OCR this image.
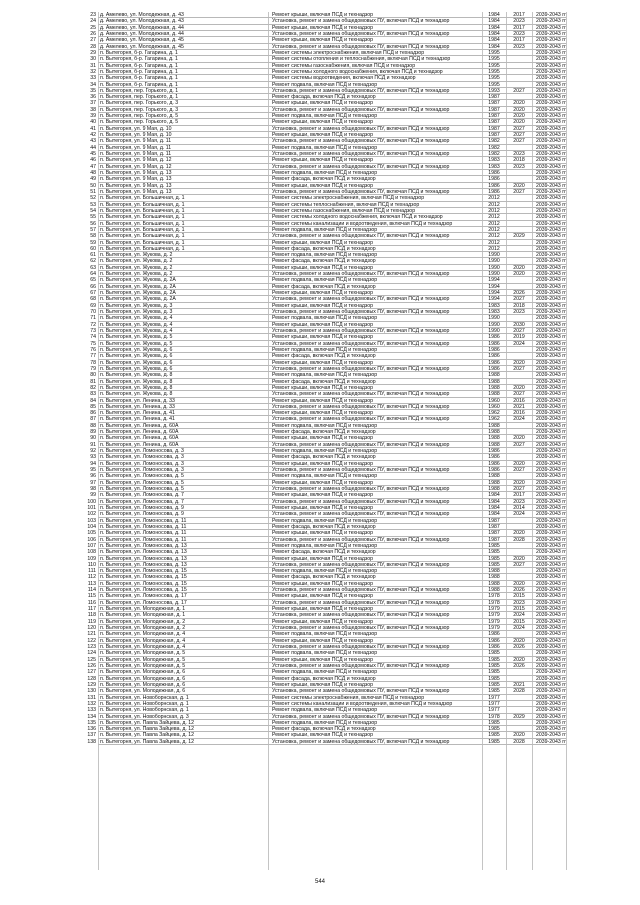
23 д. Амелево, ул. Молодежная, д. 43	Ремонт крыши, включая ПСД и технадзор	1984	2017	2039-2043 гг
24 д. Амелево, ул. Молодежная, д. 43	Установка, ремонт и замена общедомовых ПУ, включая ПСД и технадзор	1984	2023	2039-2043 гг
25 д. Амелево, ул. Молодежная, д. 44	Ремонт крыши, включая ПСД и технадзор	1984	2017	2039-2043 гг
26 д. Амелево, ул. Молодежная, д. 44	Установка, ремонт и замена общедомовых ПУ, включая ПСД и технадзор	1984	2023	2039-2043 гг
27 д. Амелево, ул. Молодежная, д. 45	Ремонт крыши, включая ПСД и технадзор	1984	2017	2039-2043 гг
28 д. Амелево, ул. Молодежная, д. 45	Установка, ремонт и замена общедомовых ПУ, включая ПСД и технадзор	1984	2023	2039-2043 гг
29 п. Вытегорня, б-р. Гагарина, д. 1	Ремонт системы электроснабжения, включая ПСД и технадзор	1995	2039-2043 гг
30 п. Вытегорня, б-р. Гагарина, д. 1	Ремонт системы отопления и теплоснабжения, включая ПСД и технадзор	1995	2039-2043 гг
31 п. Вытегорня, б-р. Гагарина, д. 1	Ремонт системы газоснабжения, включая ПСД и технадзор	1995	2039-2043 гг
32 п. Вытегорня, б-р. Гагарина, д. 1	Ремонт системы холодного водоснабжения, включая ПСД и технадзор	1995	2039-2043 гг
33 п. Вытегорня, б-р. Гагарина, д. 1	Ремонт системы водоотведения, включая ПСД и технадзор	1995	2039-2043 гг
34 п. Вытегорня, б-р. Гагарина, д. 1	Ремонт подвала, включая ПСД и технадзор	1995	2039-2043 гг
35 п. Вытегорня, пер. Горького, д. 1	Установка, ремонт и замена общедомовых ПУ, включая ПСД и технадзор	1993	2027	2039-2043 гг
36 п. Вытегорня, пер. Горького, д. 1	Ремонт фасада, включая ПСД и технадзор	1987	2039-2043 гг
37 п. Вытегорня, пер. Горького, д. 3	Ремонт крыши, включая ПСД и технадзор	1987	2020	2039-2043 гг
38 п. Вытегорня, пер. Горького, д. 3	Установка, ремонт и замена общедомовых ПУ, включая ПСД и технадзор	1987	2020	2039-2043 гг
39 п. Вытегорня, пер. Горького, д. 5	Ремонт подвала, включая ПСД и технадзор	1987	2020	2039-2043 гг
40 п. Вытегорня, пер. Горького, д. 5	Ремонт крыши, включая ПСД и технадзор	1987	2020	2039-2043 гг
41 п. Вытегорня, ул. 9 Мая, д. 10	Установка, ремонт и замена общедомовых ПУ, включая ПСД и технадзор	1987	2027	2039-2043 гг
42 п. Вытегорня, ул. 9 Мая, д. 10	Ремонт крыши, включая ПСД и технадзор	1987	2027	2039-2043 гг
43 п. Вытегорня, ул. 9 Мая, д. 11	Установка, ремонт и замена общедомовых ПУ, включая ПСД и технадзор	1982	2027	2039-2043 гг
44 п. Вытегорня, ул. 9 Мая, д. 11	Ремонт подвала, включая ПСД и технадзор	1982	2039-2043 гг
45 п. Вытегорня, ул. 9 Мая, д. 11	Установка, ремонт и замена общедомовых ПУ, включая ПСД и технадзор	1982	2023	2039-2043 гг
46 п. Вытегорня, ул. 9 Мая, д. 12	Ремонт крыши, включая ПСД и технадзор	1983	2018	2039-2043 гг
47 п. Вытегорня, ул. 9 Мая, д. 12	Установка, ремонт и замена общедомовых ПУ, включая ПСД и технадзор	1983	2023	2039-2043 гг
48 п. Вытегорня, ул. 9 Мая, д. 13	Ремонт подвала, включая ПСД и технадзор	1986	2039-2043 гг
49 п. Вытегорня, ул. 9 Мая, д. 13	Ремонт фасада, включая ПСД и технадзор	1986	2039-2043 гг
50 п. Вытегорня, ул. 9 Мая, д. 13	Ремонт крыши, включая ПСД и технадзор	1986	2020	2039-2043 гг
51 п. Вытегорня, ул. 9 Мая, д. 13	Установка, ремонт и замена общедомовых ПУ, включая ПСД и технадзор	1986	2027	2039-2043 гг
52 п. Вытегорня, ул. Большичная, д. 1	Ремонт системы электроснабжения, включая ПСД и технадзор	2012	2039-2043 гг
53 п. Вытегорня, ул. Большичная, д. 1	Ремонт системы теплоснабжения, включая ПСД и технадзор	2012	2039-2043 гг
54 п. Вытегорня, ул. Большичная, д. 1	Ремонт системы газоснабжения, включая ПСД и технадзор	2012	2039-2043 гг
55 п. Вытегорня, ул. Большичная, д. 1	Ремонт системы холодного водоснабжения, включая ПСД и технадзор	2012	2039-2043 гг
56 п. Вытегорня, ул. Большичная, д. 1	Ремонт системы канализации и водоотведения, включая ПСД и технадзор	2012	2039-2043 гг
57 п. Вытегорня, ул. Большичная, д. 1	Ремонт подвала, включая ПСД и технадзор	2012	2039-2043 гг
58 п. Вытегорня, ул. Большичная, д. 1	Установка, ремонт и замена общедомовых ПУ, включая ПСД и технадзор	2012	2029	2039-2043 гг
59 п. Вытегорня, ул. Большичная, д. 1	Ремонт крыши, включая ПСД и технадзор	2012	2039-2043 гг
60 п. Вытегорня, ул. Большичная, д. 1	Ремонт фасада, включая ПСД и технадзор	2012	2039-2043 гг
61 п. Вытегорня, ул. Жукова, д. 2	Ремонт подвала, включая ПСД и технадзор	1990	2039-2043 гг
62 п. Вытегорня, ул. Жукова, д. 2	Ремонт фасада, включая ПСД и технадзор	1990	2039-2043 гг
63 п. Вытегорня, ул. Жукова, д. 2	Ремонт крыши, включая ПСД и технадзор	1990	2020	2039-2043 гг
64 п. Вытегорня, ул. Жукова, д. 2	Установка, ремонт и замена общедомовых ПУ, включая ПСД и технадзор	1990	2020	2039-2043 гг
65 п. Вытегорня, ул. Жукова, д. 2А	Ремонт подвала, включая ПСД и технадзор	1994	2039-2043 гг
66 п. Вытегорня, ул. Жукова, д. 2А	Ремонт фасада, включая ПСД и технадзор	1994	2039-2043 гг
67 п. Вытегорня, ул. Жукова, д. 2А	Ремонт крыши, включая ПСД и технадзор	1994	2026	2039-2043 гг
68 п. Вытегорня, ул. Жукова, д. 2А	Установка, ремонт и замена общедомовых ПУ, включая ПСД и технадзор	1994	2027	2039-2043 гг
69 п. Вытегорня, ул. Жукова, д. 3	Ремонт крыши, включая ПСД и технадзор	1983	2018	2039-2043 гг
70 п. Вытегорня, ул. Жукова, д. 3	Установка, ремонт и замена общедомовых ПУ, включая ПСД и технадзор	1983	2023	2039-2043 гг
71 п. Вытегорня, ул. Жукова, д. 4	Ремонт подвала, включая ПСД и технадзор	1990	2039-2043 гг
72 п. Вытегорня, ул. Жукова, д. 4	Ремонт крыши, включая ПСД и технадзор	1990	2030	2039-2043 гг
73 п. Вытегорня, ул. Жукова, д. 4	Установка, ремонт и замена общедомовых ПУ, включая ПСД и технадзор	1990	2027	2039-2043 гг
74 п. Вытегорня, ул. Жукова, д. 5	Ремонт крыши, включая ПСД и технадзор	1986	2019	2039-2043 гг
75 п. Вытегорня, ул. Жукова, д. 5	Установка, ремонт и замена общедомовых ПУ, включая ПСД и технадзор	1986	2024	2039-2043 гг
76 п. Вытегорня, ул. Жукова, д. 6	Ремонт подвала, включая ПСД и технадзор	1986	2039-2043 гг
77 п. Вытегорня, ул. Жукова, д. 6	Ремонт фасада, включая ПСД и технадзор	1986	2039-2043 гг
78 п. Вытегорня, ул. Жукова, д. 6	Ремонт крыши, включая ПСД и технадзор	1986	2020	2039-2043 гг
79 п. Вытегорня, ул. Жукова, д. 6	Установка, ремонт и замена общедомовых ПУ, включая ПСД и технадзор	1986	2027	2039-2043 гг
80 п. Вытегорня, ул. Жукова, д. 8	Ремонт подвала, включая ПСД и технадзор	1988	2039-2043 гг
81 п. Вытегорня, ул. Жукова, д. 8	Ремонт фасада, включая ПСД и технадзор	1988	2039-2043 гг
82 п. Вытегорня, ул. Жукова, д. 8	Ремонт крыши, включая ПСД и технадзор	1988	2020	2039-2043 гг
83 п. Вытегорня, ул. Жукова, д. 8	Установка, ремонт и замена общедомовых ПУ, включая ПСД и технадзор	1988	2027	2039-2043 гг
84 п. Вытегорня, ул. Ленина, д. 33	Ремонт крыши, включая ПСД и технадзор	1960	2016	2039-2043 гг
85 п. Вытегорня, ул. Ленина, д. 33	Установка, ремонт и замена общедомовых ПУ, включая ПСД и технадзор	1960	2021	2039-2043 гг
86 п. Вытегорня, ул. Ленина, д. 41	Ремонт крыши, включая ПСД и технадзор	1962	2016	2039-2043 гг
87 п. Вытегорня, ул. Ленина, д. 41	Установка, ремонт и замена общедомовых ПУ, включая ПСД и технадзор	1962	2024	2039-2043 гг
88 п. Вытегорня, ул. Ленина, д. 60А	Ремонт подвала, включая ПСД и технадзор	1988	2039-2043 гг
89 п. Вытегорня, ул. Ленина, д. 60А	Ремонт фасада, включая ПСД и технадзор	1988	2039-2043 гг
90 п. Вытегорня, ул. Ленина, д. 60А	Ремонт крыши, включая ПСД и технадзор	1988	2020	2039-2043 гг
91 п. Вытегорня, ул. Ленина, д. 60А	Установка, ремонт и замена общедомовых ПУ, включая ПСД и технадзор	1988	2027	2039-2043 гг
92 п. Вытегорня, ул. Ломоносова, д. 3	Ремонт подвала, включая ПСД и технадзор	1986	2039-2043 гг
93 п. Вытегорня, ул. Ломоносова, д. 3	Ремонт фасада, включая ПСД и технадзор	1986	2039-2043 гг
94 п. Вытегорня, ул. Ломоносова, д. 3	Ремонт крыши, включая ПСД и технадзор	1986	2020	2039-2043 гг
95 п. Вытегорня, ул. Ломоносова, д. 3	Установка, ремонт и замена общедомовых ПУ, включая ПСД и технадзор	1986	2027	2039-2043 гг
96 п. Вытегорня, ул. Ломоносова, д. 5	Ремонт подвала, включая ПСД и технадзор	1988	2039-2043 гг
97 п. Вытегорня, ул. Ломоносова, д. 5	Ремонт крыши, включая ПСД и технадзор	1988	2020	2039-2043 гг
98 п. Вытегорня, ул. Ломоносова, д. 5	Установка, ремонт и замена общедомовых ПУ, включая ПСД и технадзор	1988	2027	2039-2043 гг
99 п. Вытегорня, ул. Ломоносова, д. 7	Ремонт крыши, включая ПСД и технадзор	1984	2017	2039-2043 гг
100 п. Вытегорня, ул. Ломоносова, д. 7	Установка, ремонт и замена общедомовых ПУ, включая ПСД и технадзор	1984	2023	2039-2043 гг
101 п. Вытегорня, ул. Ломоносова, д. 9	Ремонт крыши, включая ПСД и технадзор	1984	2014	2039-2043 гг
102 п. Вытегорня, ул. Ломоносова, д. 9	Установка, ремонт и замена общедомовых ПУ, включая ПСД и технадзор	1984	2024	2039-2043 гг
103 п. Вытегорня, ул. Ломоносова, д. 11	Ремонт подвала, включая ПСД и технадзор	1987	2039-2043 гг
104 п. Вытегорня, ул. Ломоносова, д. 11	Ремонт фасада, включая ПСД и технадзор	1987	2039-2043 гг
105 п. Вытегорня, ул. Ломоносова, д. 11	Ремонт крыши, включая ПСД и технадзор	1987	2020	2039-2043 гг
106 п. Вытегорня, ул. Ломоносова, д. 11	Установка, ремонт и замена общедомовых ПУ, включая ПСД и технадзор	1987	2028	2039-2043 гг
107 п. Вытегорня, ул. Ломоносова, д. 13	Ремонт подвала, включая ПСД и технадзор	1985	2039-2043 гг
108 п. Вытегорня, ул. Ломоносова, д. 13	Ремонт фасада, включая ПСД и технадзор	1985	2039-2043 гг
109 п. Вытегорня, ул. Ломоносова, д. 13	Ремонт крыши, включая ПСД и технадзор	1985	2020	2039-2043 гг
110 п. Вытегорня, ул. Ломоносова, д. 13	Установка, ремонт и замена общедомовых ПУ, включая ПСД и технадзор	1985	2027	2039-2043 гг
111 п. Вытегорня, ул. Ломоносова, д. 15	Ремонт подвала, включая ПСД и технадзор	1988	2039-2043 гг
112 п. Вытегорня, ул. Ломоносова, д. 15	Ремонт фасада, включая ПСД и технадзор	1988	2039-2043 гг
113 п. Вытегорня, ул. Ломоносова, д. 15	Ремонт крыши, включая ПСД и технадзор	1988	2020	2039-2043 гг
114 п. Вытегорня, ул. Ломоносова, д. 15	Установка, ремонт и замена общедомовых ПУ, включая ПСД и технадзор	1988	2026	2039-2043 гг
115 п. Вытегорня, ул. Ломоносова, д. 17	Ремонт крыши, включая ПСД и технадзор	1978	2015	2039-2043 гг
116 п. Вытегорня, ул. Ломоносова, д. 17	Установка, ремонт и замена общедомовых ПУ, включая ПСД и технадзор	1978	2023	2039-2043 гг
117 п. Вытегорня, ул. Молодежная, д. 1	Ремонт крыши, включая ПСД и технадзор	1979	2015	2039-2043 гг
118 п. Вытегорня, ул. Молодежная, д. 1	Установка, ремонт и замена общедомовых ПУ, включая ПСД и технадзор	1979	2024	2039-2043 гг
119 п. Вытегорня, ул. Молодежная, д. 2	Ремонт крыши, включая ПСД и технадзор	1979	2015	2039-2043 гг
120 п. Вытегорня, ул. Молодежная, д. 2	Установка, ремонт и замена общедомовых ПУ, включая ПСД и технадзор	1979	2024	2039-2043 гг
121 п. Вытегорня, ул. Молодежная, д. 4	Ремонт подвала, включая ПСД и технадзор	1986	2039-2043 гг
122 п. Вытегорня, ул. Молодежная, д. 4	Ремонт крыши, включая ПСД и технадзор	1986	2020	2039-2043 гг
123 п. Вытегорня, ул. Молодежная, д. 4	Установка, ремонт и замена общедомовых ПУ, включая ПСД и технадзор	1986	2026	2039-2043 гг
124 п. Вытегорня, ул. Молодежная, д. 5	Ремонт подвала, включая ПСД и технадзор	1985	2039-2043 гг
125 п. Вытегорня, ул. Молодежная, д. 5	Ремонт крыши, включая ПСД и технадзор	1985	2020	2039-2043 гг
126 п. Вытегорня, ул. Молодежная, д. 5	Установка, ремонт и замена общедомовых ПУ, включая ПСД и технадзор	1985	2026	2039-2043 гг
127 п. Вытегорня, ул. Молодежная, д. 6	Ремонт подвала, включая ПСД и технадзор	1985	2039-2043 гг
128 п. Вытегорня, ул. Молодежная, д. 6	Ремонт фасада, включая ПСД и технадзор	1985	2039-2043 гг
129 п. Вытегорня, ул. Молодежная, д. 6	Ремонт крыши, включая ПСД и технадзор	1985	2021	2039-2043 гг
130 п. Вытегорня, ул. Молодежная, д. 6	Установка, ремонт и замена общедомовых ПУ, включая ПСД и технадзор	1985	2028	2039-2043 гг
131 п. Вытегорня, ул. Новоборнская, д. 1	Ремонт системы электроснабжения, включая ПСД и технадзор	1977	2039-2043 гг
132 п. Вытегорня, ул. Новоборнская, д. 1	Ремонт системы канализации и водоотведения, включая ПСД и технадзор	1977	2039-2043 гг
133 п. Вытегорня, ул. Новоборнская, д. 1	Ремонт подвала, включая ПСД и технадзор	1977	2039-2043 гг
134 п. Вытегорня, ул. Новоборнская, д. 3	Установка, ремонт и замена общедомовых ПУ, включая ПСД и технадзор	1978	2029	2039-2043 гг
135 п. Вытегорня, ул. Павла Зайцева, д. 12	Ремонт подвала, включая ПСД и технадзор	1985	2039-2043 гг
136 п. Вытегорня, ул. Павла Зайцева, д. 12	Ремонт фасада, включая ПСД и технадзор	1985	2039-2043 гг
137 п. Вытегорня, ул. Павла Зайцева, д. 12	Ремонт крыши, включая ПСД и технадзор	1985	2020	2039-2043 гг
138 п. Вытегорня, ул. Павла Зайцева, д. 12	Установка, ремонт и замена общедомовых ПУ, включая ПСД и технадзор	1985	2028	2039-2043 гг
544
